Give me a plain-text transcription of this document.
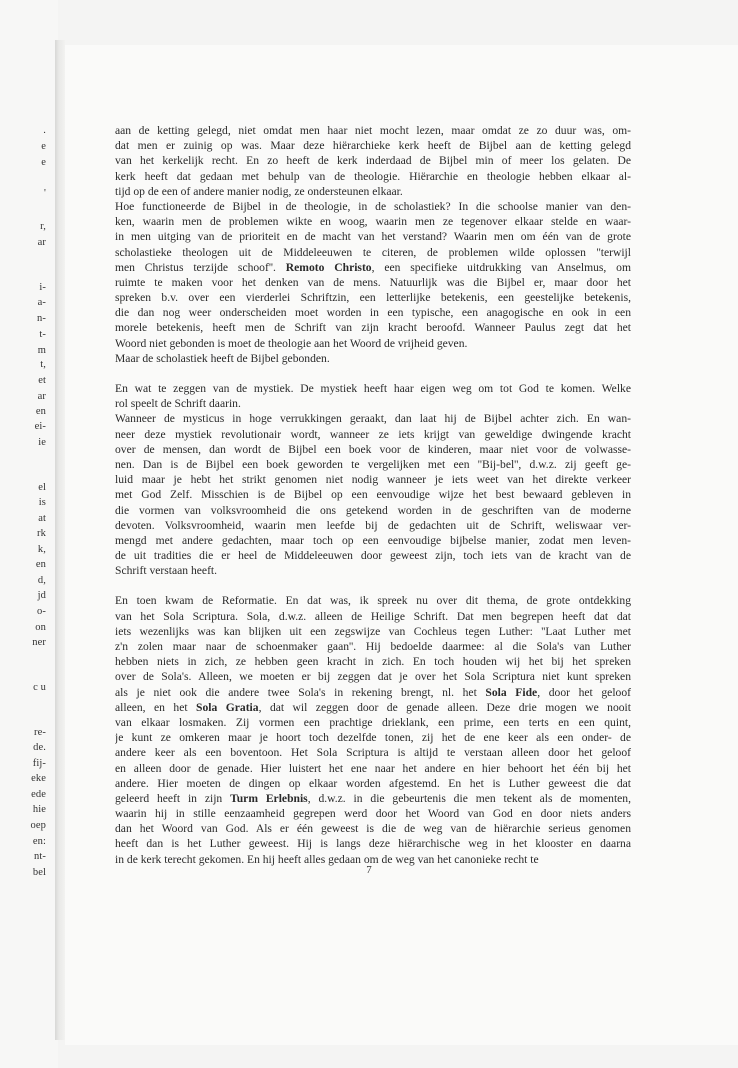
.
e
e
'
r,
ar
i-
a-
n-
t-
m
t,
et
ar
en
ei-
ie
el
is
at
rk
k,
en
d,
jd
o-
on
ner
c u
re-
de.
fij-
eke
ede
hie
oep
en:
nt-
bel
aan de ketting gelegd, niet omdat men haar niet mocht lezen, maar omdat ze zo duur was, om-
dat men er zuinig op was. Maar deze hiërarchieke kerk heeft de Bijbel aan de ketting gelegd
van het kerkelijk recht. En zo heeft de kerk inderdaad de Bijbel min of meer los gelaten. De
kerk heeft dat gedaan met behulp van de theologie. Hiërarchie en theologie hebben elkaar al-
tijd op de een of andere manier nodig, ze ondersteunen elkaar.
Hoe functioneerde de Bijbel in de theologie, in de scholastiek? In die schoolse manier van den-
ken, waarin men de problemen wikte en woog, waarin men ze tegenover elkaar stelde en waar-
in men uitging van de prioriteit en de macht van het verstand? Waarin men om één van de grote
scholastieke theologen uit de Middeleeuwen te citeren, de problemen wilde oplossen ''terwijl
men Christus terzijde schoof''. Remoto Christo, een specifieke uitdrukking van Anselmus, om
ruimte te maken voor het denken van de mens. Natuurlijk was die Bijbel er, maar door het
spreken b.v. over een vierderlei Schriftzin, een letterlijke betekenis, een geestelijke betekenis,
die dan nog weer onderscheiden moet worden in een typische, een anagogische en ook in een
morele betekenis, heeft men de Schrift van zijn kracht beroofd. Wanneer Paulus zegt dat het
Woord niet gebonden is moet de theologie aan het Woord de vrijheid geven.
Maar de scholastiek heeft de Bijbel gebonden.
En wat te zeggen van de mystiek. De mystiek heeft haar eigen weg om tot God te komen. Welke
rol speelt de Schrift daarin.
Wanneer de mysticus in hoge verrukkingen geraakt, dan laat hij de Bijbel achter zich. En wan-
neer deze mystiek revolutionair wordt, wanneer ze iets krijgt van geweldige dwingende kracht
over de mensen, dan wordt de Bijbel een boek voor de kinderen, maar niet voor de volwasse-
nen. Dan is de Bijbel een boek geworden te vergelijken met een ''Bij-bel'', d.w.z. zij geeft ge-
luid maar je hebt het strikt genomen niet nodig wanneer je iets weet van het direkte verkeer
met God Zelf. Misschien is de Bijbel op een eenvoudige wijze het best bewaard gebleven in
die vormen van volksvroomheid die ons getekend worden in de geschriften van de moderne
devoten. Volksvroomheid, waarin men leefde bij de gedachten uit de Schrift, weliswaar ver-
mengd met andere gedachten, maar toch op een eenvoudige bijbelse manier, zodat men leven-
de uit tradities die er heel de Middeleeuwen door geweest zijn, toch iets van de kracht van de
Schrift verstaan heeft.
En toen kwam de Reformatie. En dat was, ik spreek nu over dit thema, de grote ontdekking
van het Sola Scriptura. Sola, d.w.z. alleen de Heilige Schrift. Dat men begrepen heeft dat dat
iets wezenlijks was kan blijken uit een zegswijze van Cochleus tegen Luther: ''Laat Luther met
z'n zolen maar naar de schoenmaker gaan''. Hij bedoelde daarmee: al die Sola's van Luther
hebben niets in zich, ze hebben geen kracht in zich. En toch houden wij het bij het spreken
over de Sola's. Alleen, we moeten er bij zeggen dat je over het Sola Scriptura niet kunt spreken
als je niet ook die andere twee Sola's in rekening brengt, nl. het Sola Fide, door het geloof
alleen, en het Sola Gratia, dat wil zeggen door de genade alleen. Deze drie mogen we nooit
van elkaar losmaken. Zij vormen een prachtige drieklank, een prime, een terts en een quint,
je kunt ze omkeren maar je hoort toch dezelfde tonen, zij het de ene keer als een onder- de
andere keer als een boventoon. Het Sola Scriptura is altijd te verstaan alleen door het geloof
en alleen door de genade. Hier luistert het ene naar het andere en hier behoort het één bij het
andere. Hier moeten de dingen op elkaar worden afgestemd. En het is Luther geweest die dat
geleerd heeft in zijn Turm Erlebnis, d.w.z. in die gebeurtenis die men tekent als de momenten,
waarin hij in stille eenzaamheid gegrepen werd door het Woord van God en door niets anders
dan het Woord van God. Als er één geweest is die de weg van de hiërarchie serieus genomen
heeft dan is het Luther geweest. Hij is langs deze hiërarchische weg in het klooster en daarna
in de kerk terecht gekomen. En hij heeft alles gedaan om de weg van het canonieke recht te
7
